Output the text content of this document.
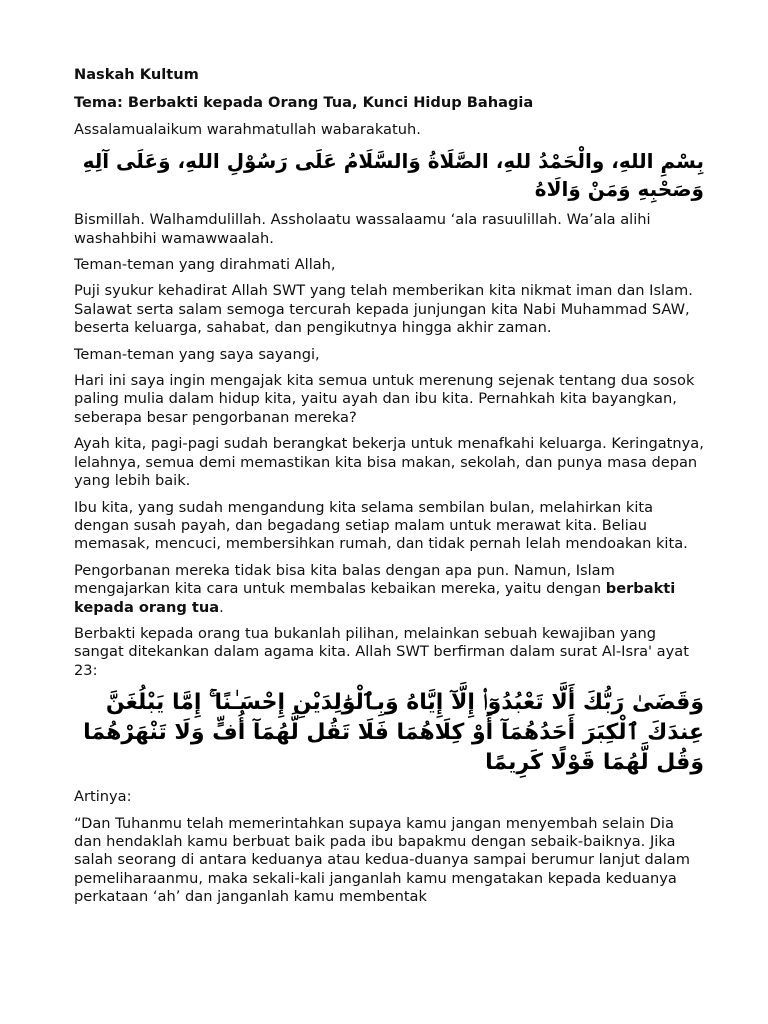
Naskah Kultum

Tema: Berbakti kepada Orang Tua, Kunci Hidup Bahagia

Assalamualaikum warahmatullah wabarakatuh.

بِسْمِ اللهِ، والْحَمْدُ للهِ، الصَّلَاةُ وَالسَّلَامُ عَلَى رَسُوْلِ اللهِ، وَعَلَى آلِهِ وَصَحْبِهِ وَمَنْ وَالَاهُ

Bismillah. Walhamdulillah. Assholaatu wassalaamu ‘ala rasuulillah. Wa’ala alihi washahbihi wamawwaalah.

Teman-teman yang dirahmati Allah,

Puji syukur kehadirat Allah SWT yang telah memberikan kita nikmat iman dan Islam. Salawat serta salam semoga tercurah kepada junjungan kita Nabi Muhammad SAW, beserta keluarga, sahabat, dan pengikutnya hingga akhir zaman.

Teman-teman yang saya sayangi,

Hari ini saya ingin mengajak kita semua untuk merenung sejenak tentang dua sosok paling mulia dalam hidup kita, yaitu ayah dan ibu kita. Pernahkah kita bayangkan, seberapa besar pengorbanan mereka?

Ayah kita, pagi-pagi sudah berangkat bekerja untuk menafkahi keluarga. Keringatnya, lelahnya, semua demi memastikan kita bisa makan, sekolah, dan punya masa depan yang lebih baik.

Ibu kita, yang sudah mengandung kita selama sembilan bulan, melahirkan kita dengan susah payah, dan begadang setiap malam untuk merawat kita. Beliau memasak, mencuci, membersihkan rumah, dan tidak pernah lelah mendoakan kita.

Pengorbanan mereka tidak bisa kita balas dengan apa pun. Namun, Islam mengajarkan kita cara untuk membalas kebaikan mereka, yaitu dengan berbakti kepada orang tua.

Berbakti kepada orang tua bukanlah pilihan, melainkan sebuah kewajiban yang sangat ditekankan dalam agama kita. Allah SWT berfirman dalam surat Al-Isra' ayat 23:

وَقَضَىٰ رَبُّكَ أَلَّا تَعْبُدُوٓا۟ إِلَّآ إِيَّاهُ وَبِٱلْوَٰلِدَيْنِ إِحْسَـٰنًا ۚ إِمَّا يَبْلُغَنَّ عِندَكَ ٱلْكِبَرَ أَحَدُهُمَآ أَوْ كِلَاهُمَا فَلَا تَقُل لَّهُمَآ أُفٍّ وَلَا تَنْهَرْهُمَا وَقُل لَّهُمَا قَوْلًا كَرِيمًا

Artinya:

“Dan Tuhanmu telah memerintahkan supaya kamu jangan menyembah selain Dia dan hendaklah kamu berbuat baik pada ibu bapakmu dengan sebaik-baiknya. Jika salah seorang di antara keduanya atau kedua-duanya sampai berumur lanjut dalam pemeliharaanmu, maka sekali-kali janganlah kamu mengatakan kepada keduanya perkataan ‘ah’ dan janganlah kamu membentak
